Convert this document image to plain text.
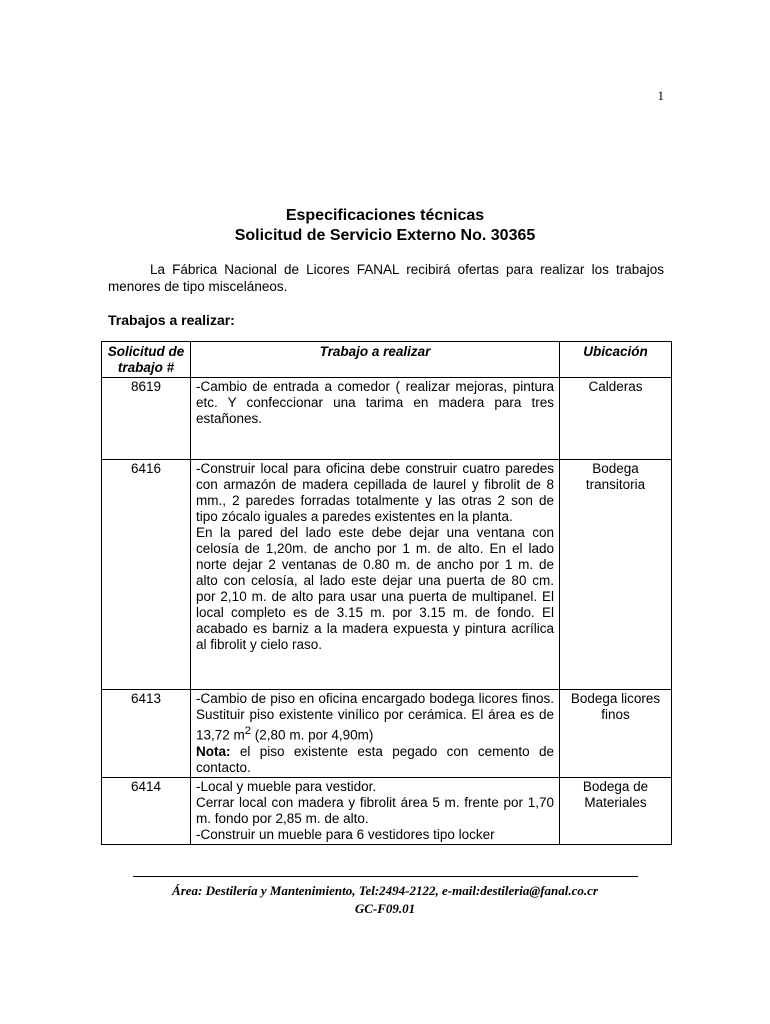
1

Especificaciones técnicas
Solicitud de Servicio Externo No. 30365

La Fábrica Nacional de Licores FANAL recibirá ofertas para realizar los trabajos menores de tipo misceláneos.

Trabajos a realizar:

Solicitud de trabajo #	Trabajo a realizar	Ubicación
8619	-Cambio de entrada a comedor ( realizar mejoras, pintura etc. Y confeccionar una tarima en madera para tres estañones.	Calderas
6416	-Construir local para oficina debe construir cuatro paredes con armazón de madera cepillada de laurel y fibrolit de 8 mm., 2 paredes forradas totalmente y las otras 2 son de tipo zócalo iguales a paredes existentes en la planta.

En la pared del lado este debe dejar una ventana con celosía de 1,20m. de ancho por 1 m. de alto. En el lado norte dejar 2 ventanas de 0.80 m. de ancho por 1 m. de alto con celosía, al lado este dejar una puerta de 80 cm. por 2,10 m. de alto para usar una puerta de multipanel. El local completo es de 3.15 m. por 3.15 m. de fondo. El acabado es barniz a la madera expuesta y pintura acrílica al fibrolit y cielo raso.	Bodega transitoria
6413	-Cambio de piso en oficina encargado bodega licores finos. Sustituir piso existente vinílico por cerámica. El área es de 13,72 $m^2$ (2,80 m. por 4,90m)

Nota: el piso existente esta pegado con cemento de contacto.	Bodega licores finos
6414	-Local y mueble para vestidor.

Cerrar local con madera y fibrolit área 5 m. frente por 1,70 m. fondo por 2,85 m. de alto.

-Construir un mueble para 6 vestidores tipo locker	Bodega de Materiales
Área: Destilería y Mantenimiento, Tel:2494-2122, e-mail:destileria@fanal.co.cr
GC-F09.01
